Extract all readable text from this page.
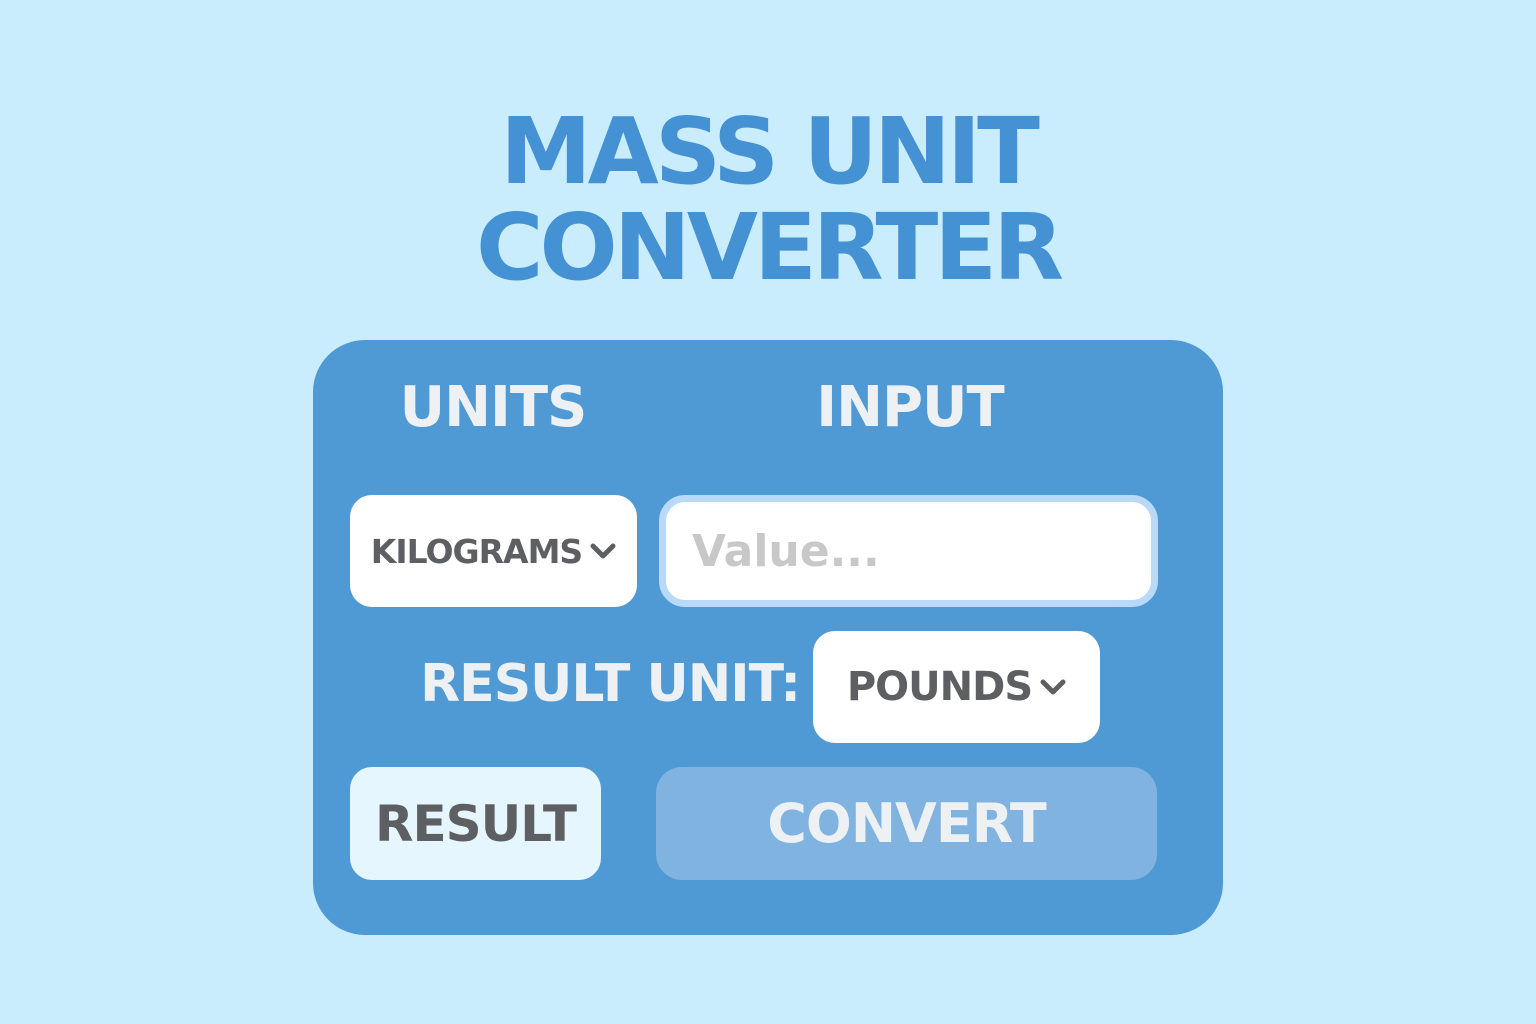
MASS UNIT
CONVERTER
UNITS	INPUT
KILOGRAMS
Value...
RESULT UNIT: POUNDS
RESULT	CONVERT
